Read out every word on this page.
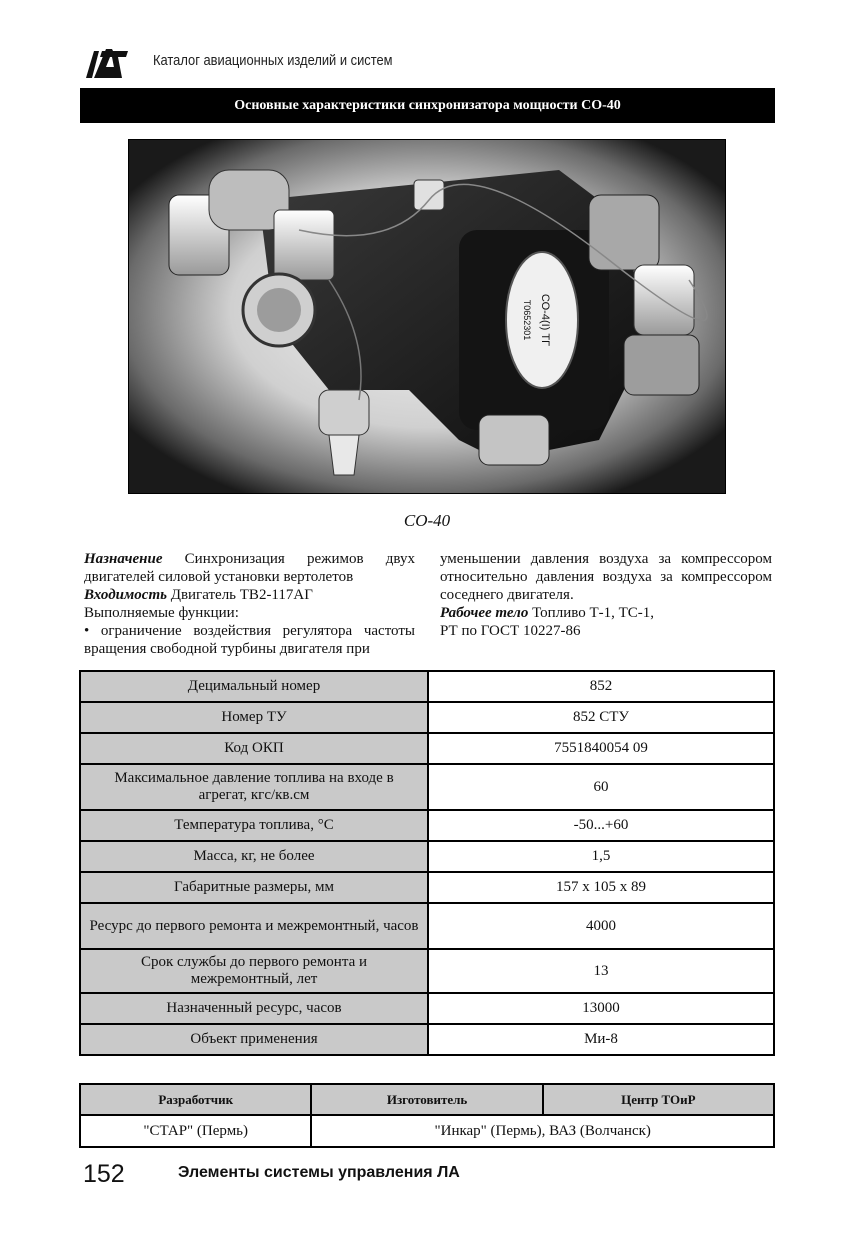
Каталог авиационных изделий и систем
Основные характеристики синхронизатора мощности СО-40
СО-4(I) ТГ
Т0652301
СО-40

Назначение Синхронизация режимов двух двигателей силовой установки вертолетов

Входимость Двигатель ТВ2-117АГ

Выполняемые функции:

• ограничение воздействия регулятора частоты вращения свободной турбины двигателя при

уменьшении давления воздуха за компрессором относительно давления воздуха за компрессором соседнего двигателя.

Рабочее тело Топливо Т-1, ТС-1,
РТ по ГОСТ 10227-86

Децимальный номер	852
Номер ТУ	852 СТУ
Код ОКП	7551840054 09
Максимальное давление топлива на входе в агрегат, кгс/кв.см	60
Температура топлива, °С	-50...+60
Масса, кг, не более	1,5
Габаритные размеры, мм	157 х 105 х 89
Ресурс до первого ремонта и межремонтный, часов	4000
Срок службы до первого ремонта и межремонтный, лет	13
Назначенный ресурс, часов	13000
Объект применения	Ми-8
Разработчик	Изготовитель	Центр ТОиР
"СТАР" (Пермь)	"Инкар" (Пермь), ВАЗ (Волчанск)	
152	Элементы системы управления ЛА
